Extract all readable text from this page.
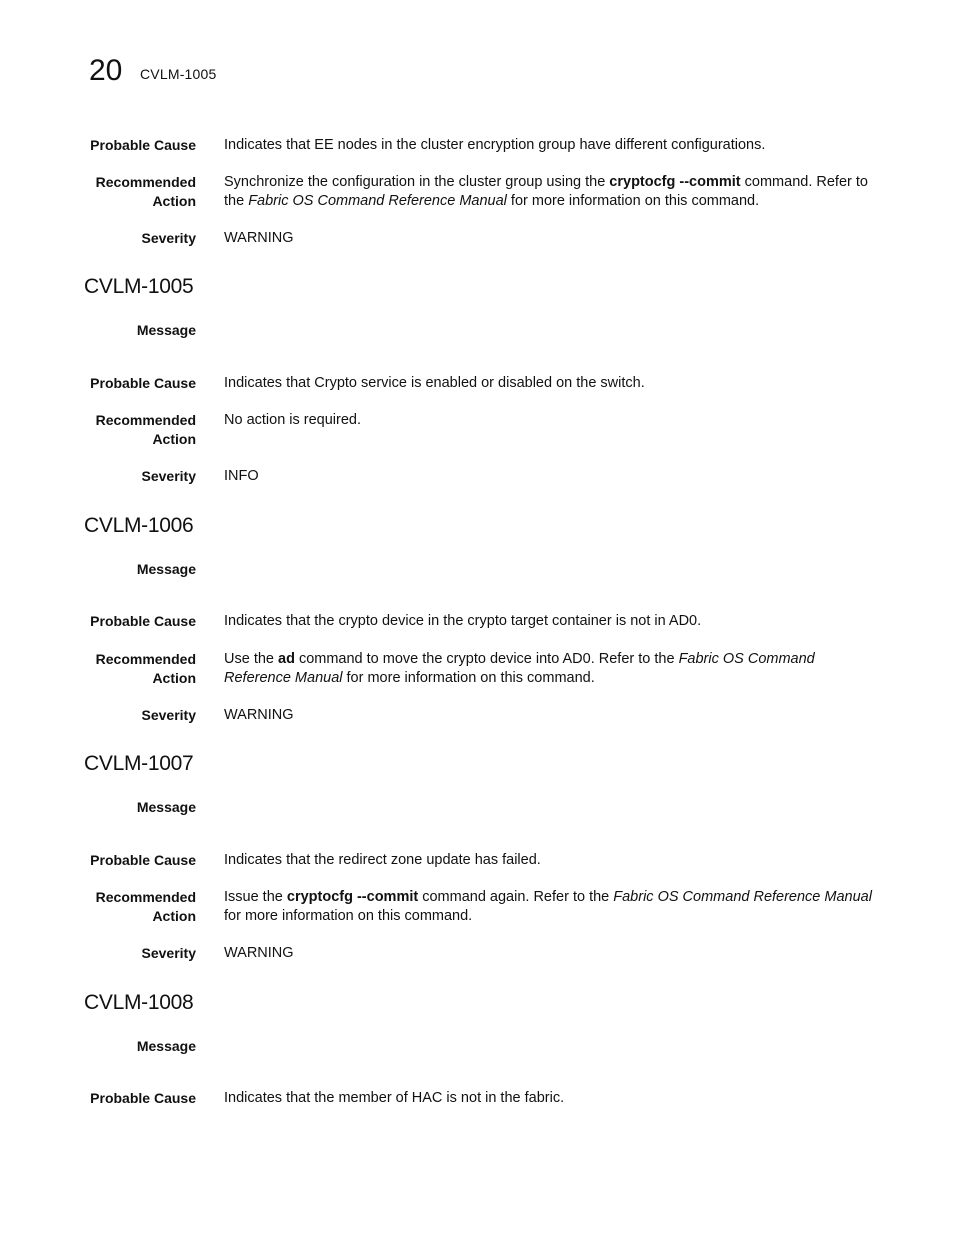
20 CVLM-1005
Probable Cause Indicates that EE nodes in the cluster encryption group have different configurations.
Recommended
Action
Synchronize the configuration in the cluster group using the cryptocfg --commit command. Refer to the Fabric OS Command Reference Manual for more information on this command.
Severity WARNING
CVLM-1005
Message
Probable Cause Indicates that Crypto service is enabled or disabled on the switch.
Recommended
Action
No action is required.
Severity INFO
CVLM-1006
Message
Probable Cause Indicates that the crypto device in the crypto target container is not in AD0.
Recommended
Action
Use the ad command to move the crypto device into AD0. Refer to the Fabric OS Command Reference Manual for more information on this command.
Severity WARNING
CVLM-1007
Message
Probable Cause Indicates that the redirect zone update has failed.
Recommended
Action
Issue the cryptocfg --commit command again. Refer to the Fabric OS Command Reference Manual for more information on this command.
Severity WARNING
CVLM-1008
Message
Probable Cause Indicates that the member of HAC is not in the fabric.
